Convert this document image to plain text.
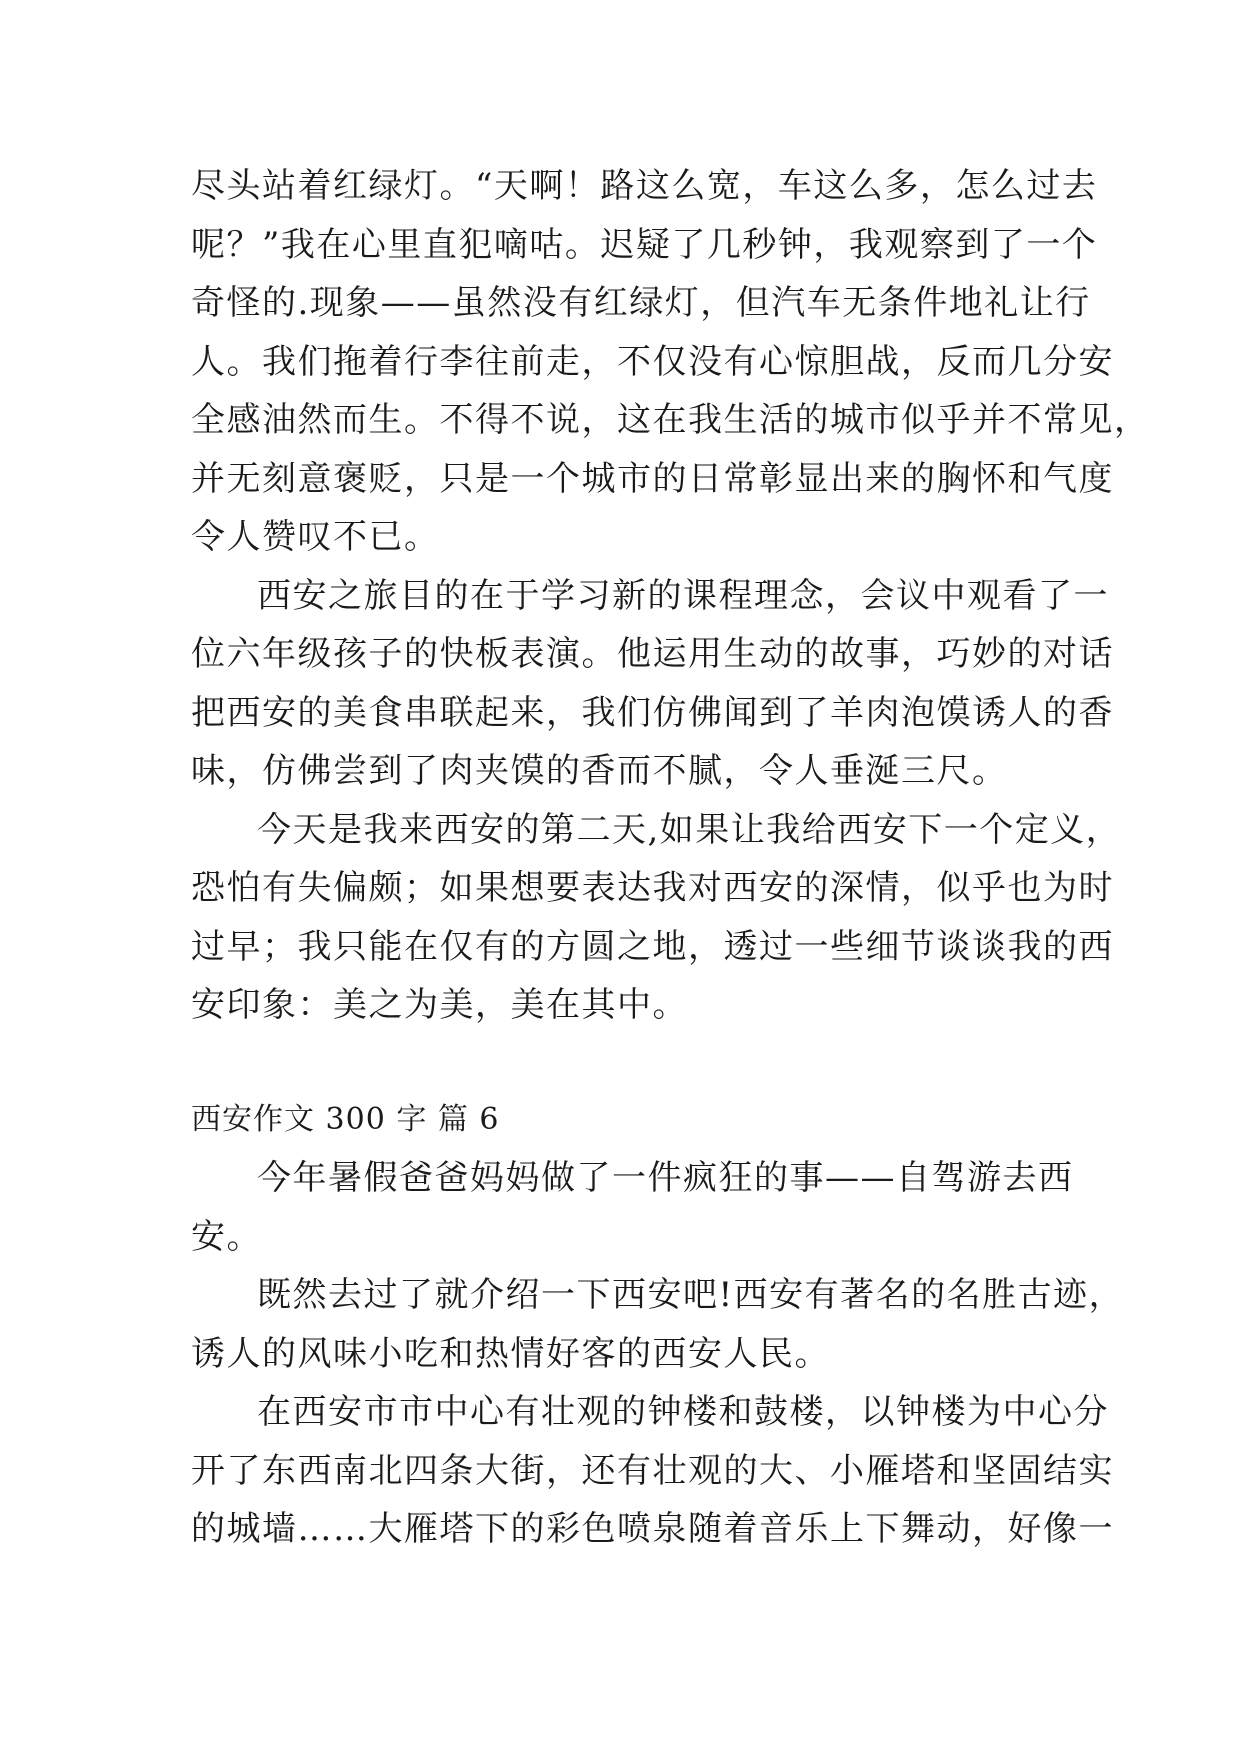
尽头站着红绿灯。“天啊！路这么宽，车这么多，怎么过去
呢？”我在心里直犯嘀咕。迟疑了几秒钟，我观察到了一个
奇怪的.现象——虽然没有红绿灯，但汽车无条件地礼让行
人。我们拖着行李往前走，不仅没有心惊胆战，反而几分安
全感油然而生。不得不说，这在我生活的城市似乎并不常见，
并无刻意褒贬，只是一个城市的日常彰显出来的胸怀和气度
令人赞叹不已。
西安之旅目的在于学习新的课程理念，会议中观看了一
位六年级孩子的快板表演。他运用生动的故事，巧妙的对话
把西安的美食串联起来，我们仿佛闻到了羊肉泡馍诱人的香
味，仿佛尝到了肉夹馍的香而不腻，令人垂涎三尺。
今天是我来西安的第二天,如果让我给西安下一个定义，
恐怕有失偏颇；如果想要表达我对西安的深情，似乎也为时
过早；我只能在仅有的方圆之地，透过一些细节谈谈我的西
安印象：美之为美，美在其中。
西安作文 300 字 篇 6
今年暑假爸爸妈妈做了一件疯狂的事——自驾游去西
安。
既然去过了就介绍一下西安吧!西安有著名的名胜古迹，
诱人的风味小吃和热情好客的西安人民。
在西安市市中心有壮观的钟楼和鼓楼，以钟楼为中心分
开了东西南北四条大街，还有壮观的大、小雁塔和坚固结实
的城墙……大雁塔下的彩色喷泉随着音乐上下舞动，好像一
